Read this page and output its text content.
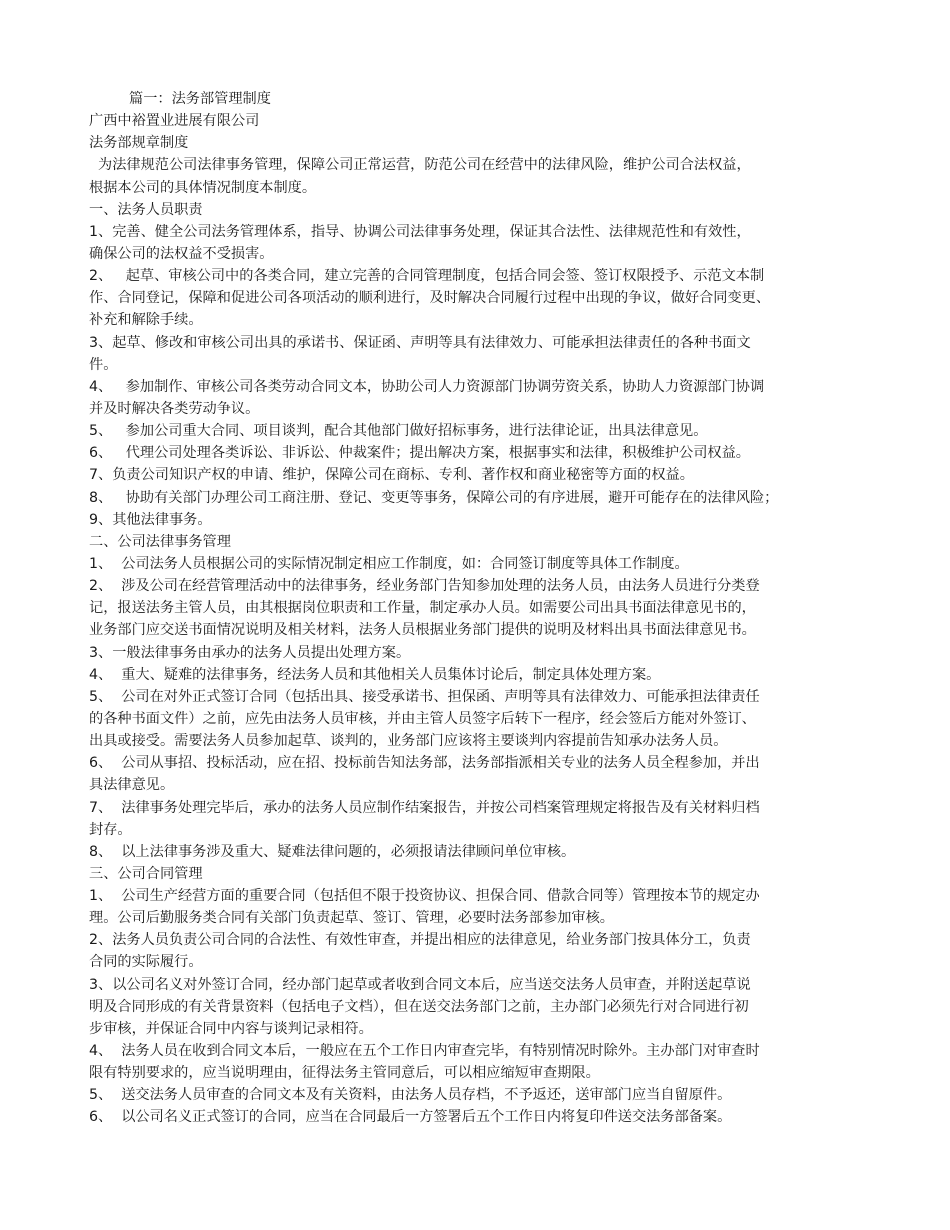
篇一：法务部管理制度
广西中裕置业进展有限公司
法务部规章制度
为法律规范公司法律事务管理，保障公司正常运营，防范公司在经营中的法律风险，维护公司合法权益，
根据本公司的具体情况制度本制度。
一、法务人员职责
1、完善、健全公司法务管理体系，指导、协调公司法律事务处理，保证其合法性、法律规范性和有效性，
确保公司的法权益不受损害。
2、   起草、审核公司中的各类合同，建立完善的合同管理制度，包括合同会签、签订权限授予、示范文本制
作、合同登记，保障和促进公司各项活动的顺利进行，及时解决合同履行过程中出现的争议，做好合同变更、
补充和解除手续。
3、起草、修改和审核公司出具的承诺书、保证函、声明等具有法律效力、可能承担法律责任的各种书面文
件。
4、   参加制作、审核公司各类劳动合同文本，协助公司人力资源部门协调劳资关系，协助人力资源部门协调
并及时解决各类劳动争议。
5、   参加公司重大合同、项目谈判，配合其他部门做好招标事务，进行法律论证，出具法律意见。
6、   代理公司处理各类诉讼、非诉讼、仲裁案件；提出解决方案，根据事实和法律，积极维护公司权益。
7、负责公司知识产权的申请、维护，保障公司在商标、专利、著作权和商业秘密等方面的权益。
8、   协助有关部门办理公司工商注册、登记、变更等事务，保障公司的有序进展，避开可能存在的法律风险；
9、其他法律事务。
二、公司法律事务管理
1、  公司法务人员根据公司的实际情况制定相应工作制度，如：合同签订制度等具体工作制度。
2、  涉及公司在经营管理活动中的法律事务，经业务部门告知参加处理的法务人员，由法务人员进行分类登
记，报送法务主管人员，由其根据岗位职责和工作量，制定承办人员。如需要公司出具书面法律意见书的，
业务部门应交送书面情况说明及相关材料，法务人员根据业务部门提供的说明及材料出具书面法律意见书。
3、一般法律事务由承办的法务人员提出处理方案。
4、  重大、疑难的法律事务，经法务人员和其他相关人员集体讨论后，制定具体处理方案。
5、  公司在对外正式签订合同（包括出具、接受承诺书、担保函、声明等具有法律效力、可能承担法律责任
的各种书面文件）之前，应先由法务人员审核，并由主管人员签字后转下一程序，经会签后方能对外签订、
出具或接受。需要法务人员参加起草、谈判的，业务部门应该将主要谈判内容提前告知承办法务人员。
6、  公司从事招、投标活动，应在招、投标前告知法务部，法务部指派相关专业的法务人员全程参加，并出
具法律意见。
7、  法律事务处理完毕后，承办的法务人员应制作结案报告，并按公司档案管理规定将报告及有关材料归档
封存。
8、  以上法律事务涉及重大、疑难法律问题的，必须报请法律顾问单位审核。
三、公司合同管理
1、  公司生产经营方面的重要合同（包括但不限于投资协议、担保合同、借款合同等）管理按本节的规定办
理。公司后勤服务类合同有关部门负责起草、签订、管理，必要时法务部参加审核。
2、法务人员负责公司合同的合法性、有效性审查，并提出相应的法律意见，给业务部门按具体分工，负责
合同的实际履行。
3、以公司名义对外签订合同，经办部门起草或者收到合同文本后，应当送交法务人员审查，并附送起草说
明及合同形成的有关背景资料（包括电子文档），但在送交法务部门之前，主办部门必须先行对合同进行初
步审核，并保证合同中内容与谈判记录相符。
4、  法务人员在收到合同文本后，一般应在五个工作日内审查完毕，有特别情况时除外。主办部门对审查时
限有特别要求的，应当说明理由，征得法务主管同意后，可以相应缩短审查期限。
5、  送交法务人员审查的合同文本及有关资料，由法务人员存档，不予返还，送审部门应当自留原件。
6、  以公司名义正式签订的合同，应当在合同最后一方签署后五个工作日内将复印件送交法务部备案。
